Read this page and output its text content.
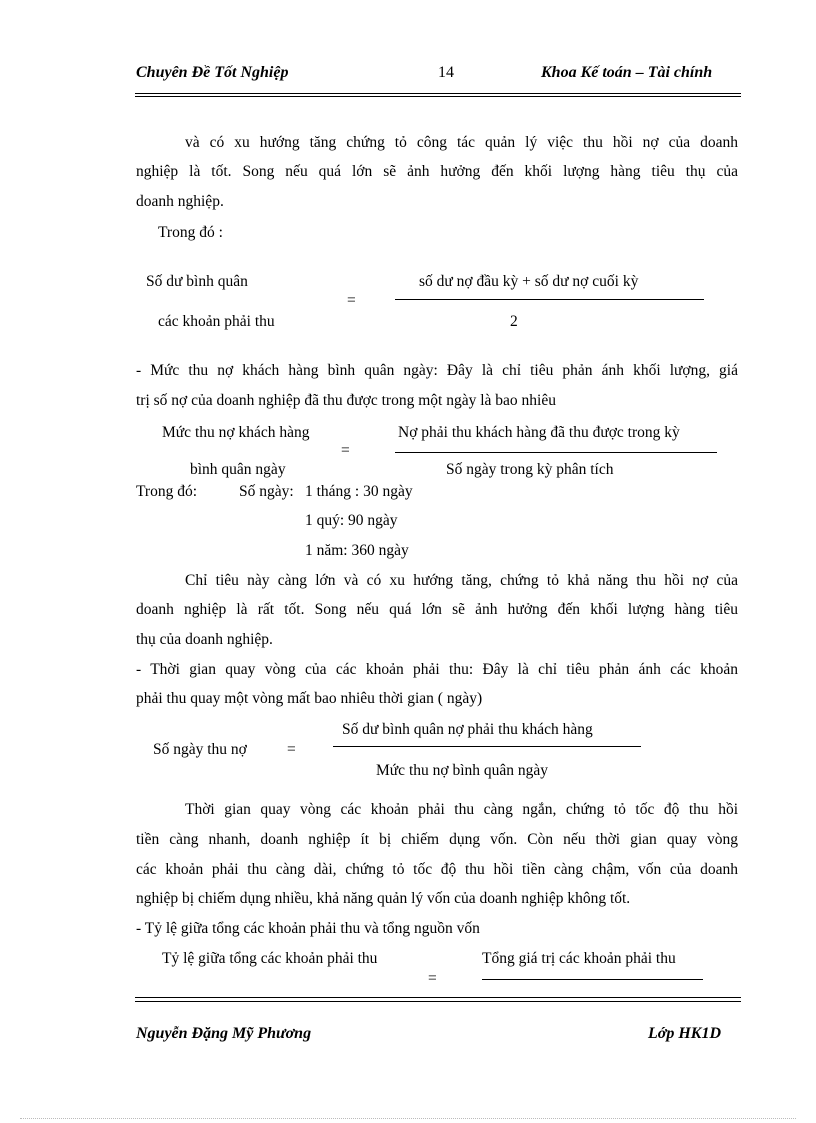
Chuyên Đề Tốt Nghiệp	14	Khoa Kế toán – Tài chính
và có xu hướng tăng chứng tỏ công tác quản lý việc thu hồi nợ của doanh
nghiệp là tốt. Song nếu quá lớn sẽ ảnh hưởng đến khối lượng hàng tiêu thụ của
doanh nghiệp.
Trong đó :
Số dư bình quân
các khoản phải thu
=
số dư nợ đầu kỳ + số dư nợ cuối kỳ
2
- Mức thu nợ khách hàng bình quân ngày: Đây là chỉ tiêu phản ánh khối lượng, giá
trị số nợ của doanh nghiệp đã thu được trong một ngày là bao nhiêu
Mức thu nợ khách hàng
bình quân ngày
=
Nợ phải thu khách hàng đã thu được trong kỳ
Số ngày trong kỳ phân tích
Trong đó:	Số ngày: 1 tháng : 30 ngày
1 quý: 90 ngày
1 năm: 360 ngày
Chỉ tiêu này càng lớn và có xu hướng tăng, chứng tỏ khả năng thu hồi nợ của
doanh nghiệp là rất tốt. Song nếu quá lớn sẽ ảnh hưởng đến khối lượng hàng tiêu
thụ của doanh nghiệp.
- Thời gian quay vòng của các khoản phải thu: Đây là chỉ tiêu phản ánh các khoản
phải thu quay một vòng mất bao nhiêu thời gian ( ngày)
Số ngày thu nợ	=
Số dư bình quân nợ phải thu khách hàng
Mức thu nợ bình quân ngày
Thời gian quay vòng các khoản phải thu càng ngắn, chứng tỏ tốc độ thu hồi
tiền càng nhanh, doanh nghiệp ít bị chiếm dụng vốn. Còn nếu thời gian quay vòng
các khoản phải thu càng dài, chứng tỏ tốc độ thu hồi tiền càng chậm, vốn của doanh
nghiệp bị chiếm dụng nhiều, khả năng quản lý vốn của doanh nghiệp không tốt.
- Tỷ lệ giữa tổng các khoản phải thu và tổng nguồn vốn
Tỷ lệ giữa tổng các khoản phải thu
=
Tổng giá trị các khoản phải thu
Nguyễn Đặng Mỹ Phương	Lớp HK1D
